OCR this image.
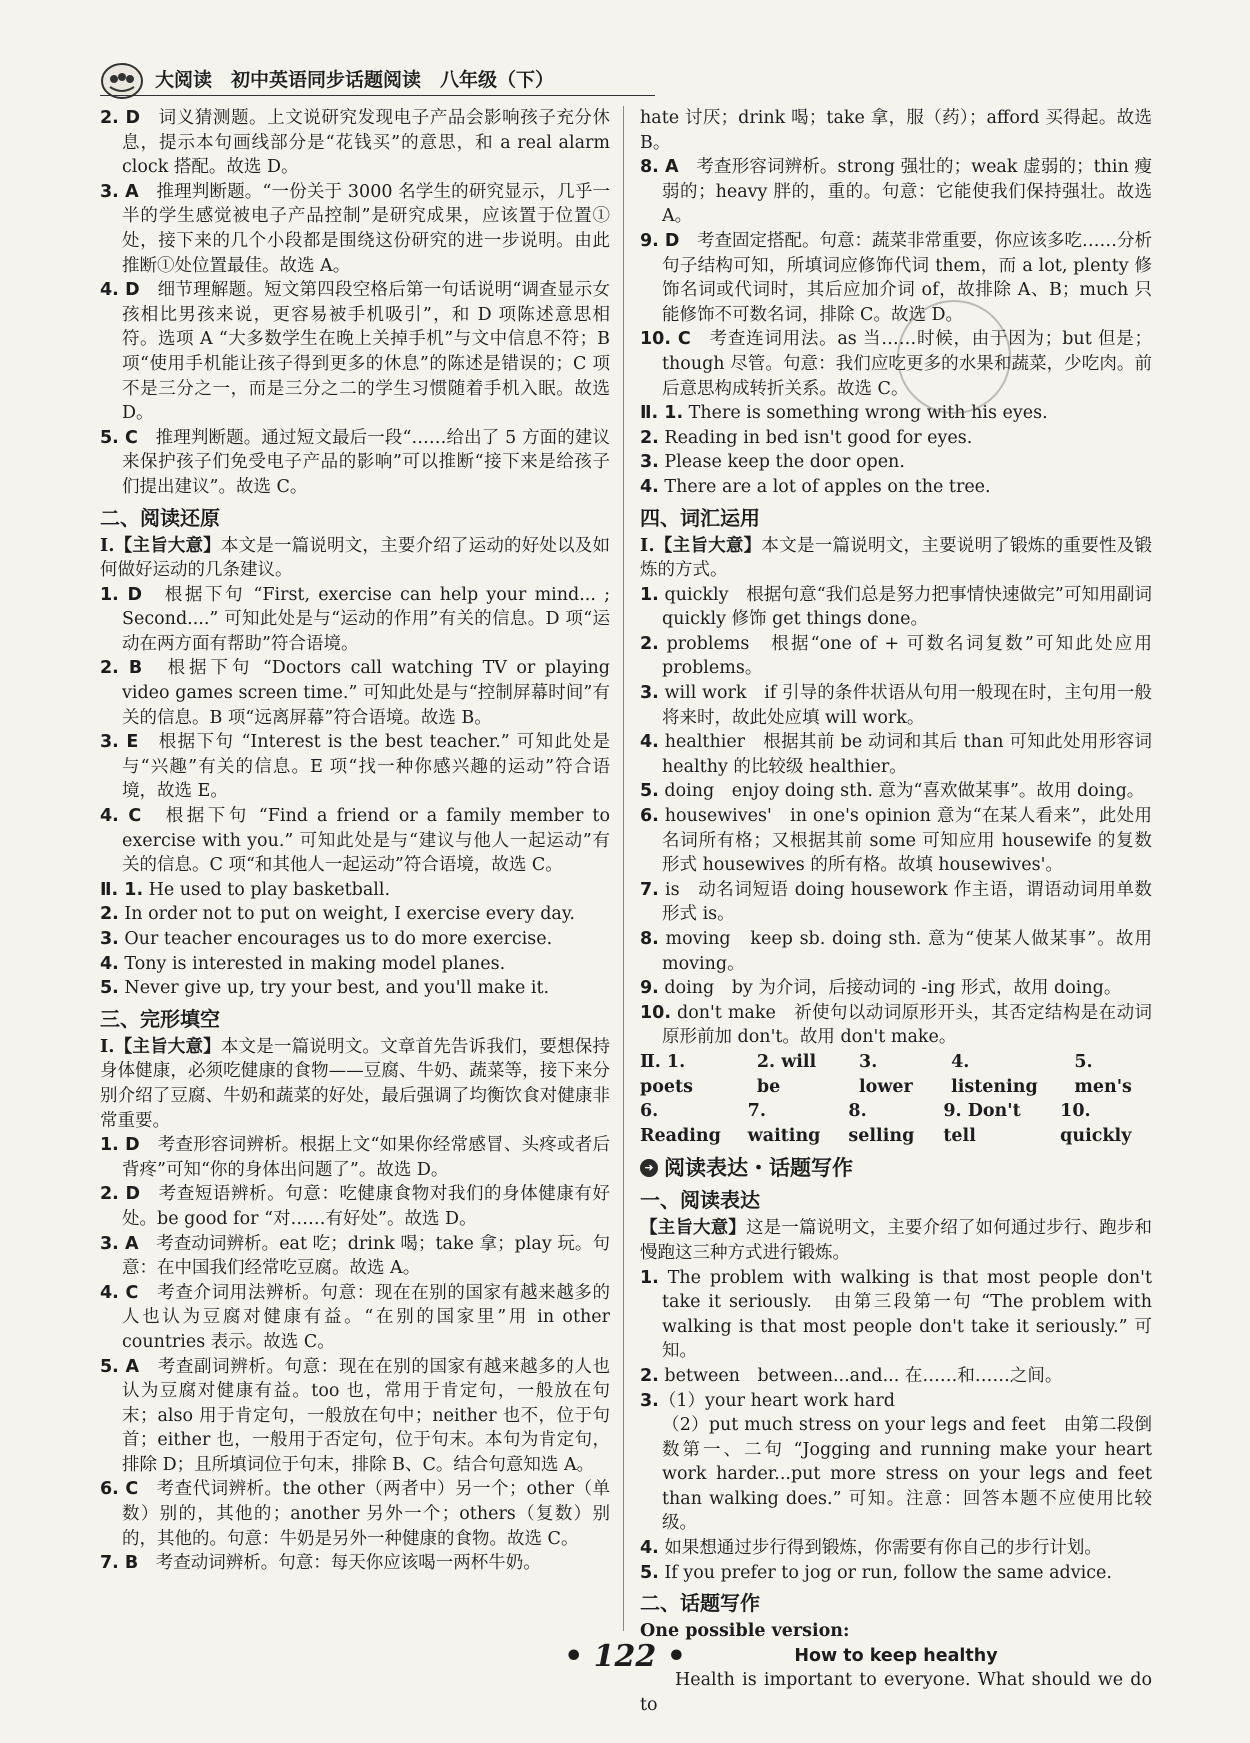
大阅读　初中英语同步话题阅读　八年级（下）

2. D　词义猜测题。上文说研究发现电子产品会影响孩子充分休息，提示本句画线部分是“花钱买”的意思，和 a real alarm clock 搭配。故选 D。

3. A　推理判断题。“一份关于 3000 名学生的研究显示，几乎一半的学生感觉被电子产品控制”是研究成果，应该置于位置①处，接下来的几个小段都是围绕这份研究的进一步说明。由此推断①处位置最佳。故选 A。

4. D　细节理解题。短文第四段空格后第一句话说明“调查显示女孩相比男孩来说，更容易被手机吸引”，和 D 项陈述意思相符。选项 A “大多数学生在晚上关掉手机”与文中信息不符；B 项“使用手机能让孩子得到更多的休息”的陈述是错误的；C 项不是三分之一，而是三分之二的学生习惯随着手机入眠。故选 D。

5. C　推理判断题。通过短文最后一段“……给出了 5 方面的建议来保护孩子们免受电子产品的影响”可以推断“接下来是给孩子们提出建议”。故选 C。

二、阅读还原

Ⅰ.【主旨大意】本文是一篇说明文，主要介绍了运动的好处以及如何做好运动的几条建议。

1. D　根据下句 “First, exercise can help your mind... ; Second....” 可知此处是与“运动的作用”有关的信息。D 项“运动在两方面有帮助”符合语境。

2. B　根据下句 “Doctors call watching TV or playing video games screen time.” 可知此处是与“控制屏幕时间”有关的信息。B 项“远离屏幕”符合语境。故选 B。

3. E　根据下句 “Interest is the best teacher.” 可知此处是与“兴趣”有关的信息。E 项“找一种你感兴趣的运动”符合语境，故选 E。

4. C　根据下句 “Find a friend or a family member to exercise with you.” 可知此处是与“建议与他人一起运动”有关的信息。C 项“和其他人一起运动”符合语境，故选 C。

Ⅱ. 1. He used to play basketball.

2. In order not to put on weight, I exercise every day.

3. Our teacher encourages us to do more exercise.

4. Tony is interested in making model planes.

5. Never give up, try your best, and you'll make it.

三、完形填空

Ⅰ.【主旨大意】本文是一篇说明文。文章首先告诉我们，要想保持身体健康，必须吃健康的食物——豆腐、牛奶、蔬菜等，接下来分别介绍了豆腐、牛奶和蔬菜的好处，最后强调了均衡饮食对健康非常重要。

1. D　考查形容词辨析。根据上文“如果你经常感冒、头疼或者后背疼”可知“你的身体出问题了”。故选 D。

2. D　考查短语辨析。句意：吃健康食物对我们的身体健康有好处。be good for “对……有好处”。故选 D。

3. A　考查动词辨析。eat 吃；drink 喝；take 拿；play 玩。句意：在中国我们经常吃豆腐。故选 A。

4. C　考查介词用法辨析。句意：现在在别的国家有越来越多的人也认为豆腐对健康有益。“在别的国家里”用 in other countries 表示。故选 C。

5. A　考查副词辨析。句意：现在在别的国家有越来越多的人也认为豆腐对健康有益。too 也，常用于肯定句，一般放在句末；also 用于肯定句，一般放在句中；neither 也不，位于句首；either 也，一般用于否定句，位于句末。本句为肯定句，排除 D；且所填词位于句末，排除 B、C。结合句意知选 A。

6. C　考查代词辨析。the other（两者中）另一个；other（单数）别的，其他的；another 另外一个；others（复数）别的，其他的。句意：牛奶是另外一种健康的食物。故选 C。

7. B　考查动词辨析。句意：每天你应该喝一两杯牛奶。

hate 讨厌；drink 喝；take 拿，服（药）；afford 买得起。故选 B。

8. A　考查形容词辨析。strong 强壮的；weak 虚弱的；thin 瘦弱的；heavy 胖的，重的。句意：它能使我们保持强壮。故选 A。

9. D　考查固定搭配。句意：蔬菜非常重要，你应该多吃……分析句子结构可知，所填词应修饰代词 them，而 a lot, plenty 修饰名词或代词时，其后应加介词 of，故排除 A、B；much 只能修饰不可数名词，排除 C。故选 D。

10. C　考查连词用法。as 当……时候，由于因为；but 但是；though 尽管。句意：我们应吃更多的水果和蔬菜，少吃肉。前后意思构成转折关系。故选 C。

Ⅱ. 1. There is something wrong with his eyes.

2. Reading in bed isn't good for eyes.

3. Please keep the door open.

4. There are a lot of apples on the tree.

四、词汇运用

Ⅰ.【主旨大意】本文是一篇说明文，主要说明了锻炼的重要性及锻炼的方式。

1. quickly　根据句意“我们总是努力把事情快速做完”可知用副词 quickly 修饰 get things done。

2. problems　根据“one of + 可数名词复数”可知此处应用 problems。

3. will work　if 引导的条件状语从句用一般现在时，主句用一般将来时，故此处应填 will work。

4. healthier　根据其前 be 动词和其后 than 可知此处用形容词 healthy 的比较级 healthier。

5. doing　enjoy doing sth. 意为“喜欢做某事”。故用 doing。

6. housewives'　in one's opinion 意为“在某人看来”，此处用名词所有格；又根据其前 some 可知应用 housewife 的复数形式 housewives 的所有格。故填 housewives'。

7. is　动名词短语 doing housework 作主语，谓语动词用单数形式 is。

8. moving　keep sb. doing sth. 意为“使某人做某事”。故用 moving。

9. doing　by 为介词，后接动词的 -ing 形式，故用 doing。

10. don't make　祈使句以动词原形开头，其否定结构是在动词原形前加 don't。故用 don't make。

Ⅱ. 1. poets
2. will be
3. lower
4. listening
5. men's
6. Reading
7. waiting
8. selling
9. Don't tell
10. quickly
➜ 阅读表达・话题写作
一、阅读表达

【主旨大意】这是一篇说明文，主要介绍了如何通过步行、跑步和慢跑这三种方式进行锻炼。

1. The problem with walking is that most people don't take it seriously.　由第三段第一句 “The problem with walking is that most people don't take it seriously.” 可知。

2. between　between...and... 在……和……之间。

3.（1）your heart work hard

（2）put much stress on your legs and feet　由第二段倒数第一、二句 “Jogging and running make your heart work harder...put more stress on your legs and feet than walking does.” 可知。注意：回答本题不应使用比较级。

4. 如果想通过步行得到锻炼，你需要有你自己的步行计划。

5. If you prefer to jog or run, follow the same advice.

二、话题写作

One possible version:

How to keep healthy

Health is important to everyone. What should we do to

• 122 •
